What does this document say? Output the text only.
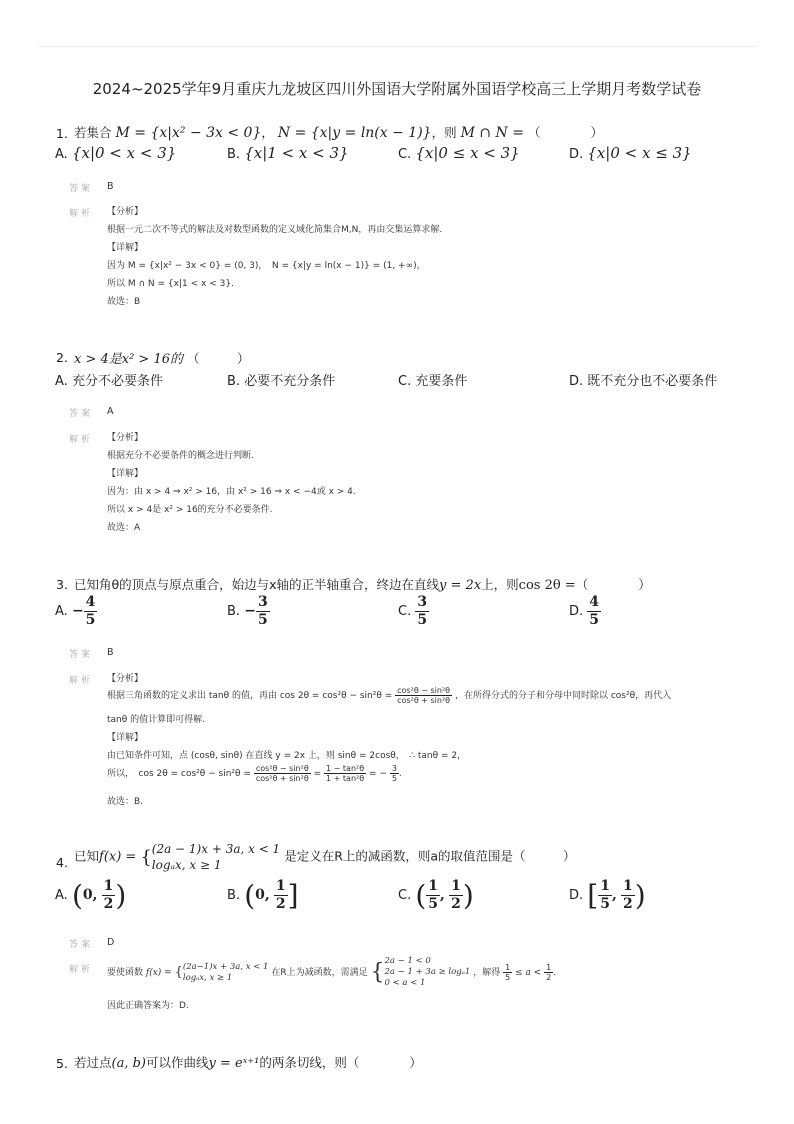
2024~2025学年9月重庆九龙坡区四川外国语大学附属外国语学校高三上学期月考数学试卷
1. 若集合 M = {x|x² − 3x < 0}， N = {x|y = ln(x − 1)}，则 M ∩ N = （　　　　）
A. {x|0 < x < 3}	B. {x|1 < x < 3}	C. {x|0 ≤ x < 3}	D. {x|0 < x ≤ 3}
答案 B
解析 【分析】
根据一元二次不等式的解法及对数型函数的定义域化简集合M,N，再由交集运算求解.
【详解】
因为 M = {x|x² − 3x < 0} = (0, 3)，　N = {x|y = ln(x − 1)} = (1, +∞)，
所以 M ∩ N = {x|1 < x < 3}.
故选：B
2. x > 4是x² > 16的 （　　　）
A. 充分不必要条件	B. 必要不充分条件	C. 充要条件	D. 既不充分也不必要条件
答案 A
解析 【分析】
根据充分不必要条件的概念进行判断.
【详解】
因为：由 x > 4 ⇒ x² > 16，由 x² > 16 ⇒ x < −4或 x > 4.
所以 x > 4是 x² > 16的充分不必要条件.
故选：A
3. 已知角θ的顶点与原点重合，始边与x轴的正半轴重合，终边在直线y = 2x上，则cos 2θ =（　　　　）
A. − $\frac{4}{5}$	B. − $\frac{3}{5}$	C. $\frac{3}{5}$	D. $\frac{4}{5}$
答案 B
解析 【分析】
根据三角函数的定义求出 tanθ 的值，再由 $\cos 2\theta = \cos^2\theta - \sin^2\theta = \frac{\text{cos²θ − sin²θ}}{\text{cos²θ + sin²θ}}$ ，在所得分式的分子和分母中同时除以 cos²θ，再代入
tanθ 的值计算即可得解.
【详解】
由已知条件可知，点 (cosθ, sinθ) 在直线 y = 2x 上，则 sinθ = 2cosθ，　∴ tanθ = 2，
所以，　$\cos 2\theta = \cos^2\theta - \sin^2\theta = \frac{\text{cos²θ − sin²θ}}{\text{cos²θ + sin²θ}} = \frac{\text{1 − tan²θ}}{\text{1 + tan²θ}}$ = − $\frac{3}{5}$ .
故选：B.
4. 已知f(x) = { (2a − 1)x + 3a, x < 1
logₐx, x ≥ 1
是定义在R上的减函数，则a的取值范围是（　　　）
A. (0, $\frac{1}{2}$ )	B. (0, $\frac{1}{2}$ ]	C. ( $\frac{1}{5}$ , $\frac{1}{2}$ )	D. [ $\frac{1}{5}$ , $\frac{1}{2}$ )
答案 D
解析 要使函数 f(x) = { (2a−1)x + 3a, x < 1
logₐx, x ≥ 1	在R上为减函数，需满足 { 2a − 1 < 0
2a − 1 + 3a ≥ logₐ1
0 < a < 1
，解得 $\frac{1}{5} \le a < \frac{1}{2}$ .
因此正确答案为：D.
5. 若过点(a, b)可以作曲线y = eˣ⁺¹的两条切线，则（　　　　）
